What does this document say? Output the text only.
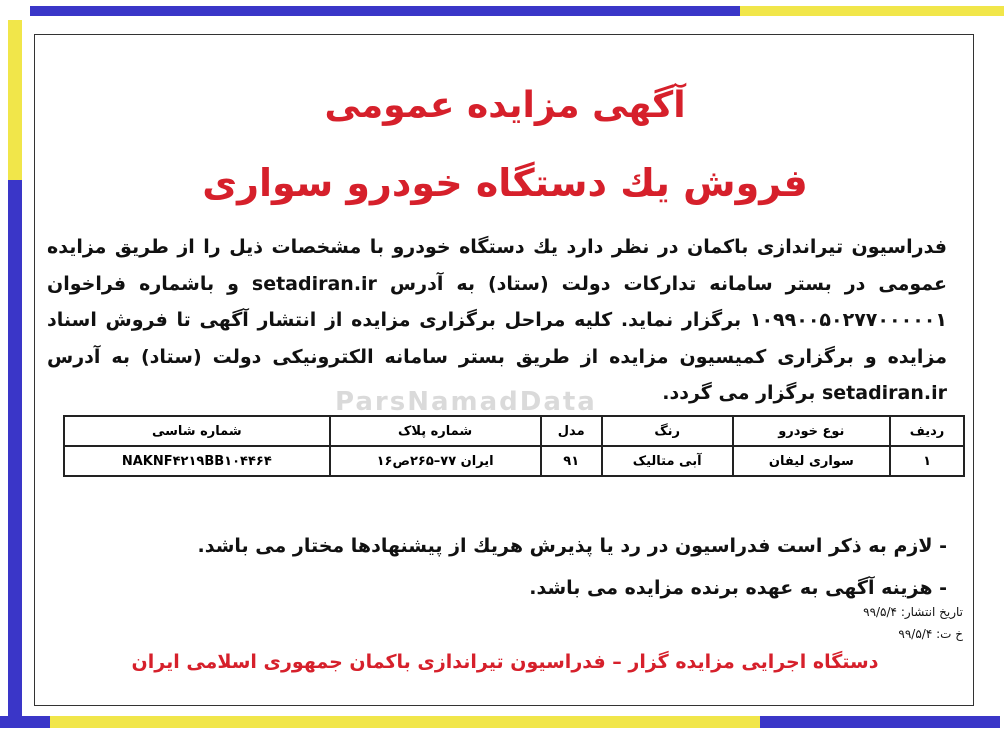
ParsNamadData
آگهی مزایده عمومی
فروش یك دستگاه خودرو سواری
فدراسیون تیراندازی باکمان در نظر دارد یك دستگاه خودرو با مشخصات ذیل را از طریق مزایده عمومی در بستر سامانه تدارکات دولت (ستاد) به آدرس setadiran.ir و باشماره فراخوان ۱۰۹۹۰۰۵۰۲۷۷۰۰۰۰۰۱ برگزار نماید. کلیه مراحل برگزاری مزایده از انتشار آگهی تا فروش اسناد مزایده و برگزاری کمیسیون مزایده از طریق بستر سامانه الکترونیکی دولت (ستاد) به آدرس setadiran.ir برگزار می گردد.
ردیف	نوع خودرو	رنگ	مدل	شماره پلاک	شماره شاسی
۱	سواری لیفان	آبی متالیک	۹۱	ایران ۷۷–۲۶۵ص۱۶	NAKNF۴۲۱۹BB۱۰۴۴۶۴
- لازم به ذکر است فدراسیون در رد یا پذیرش هریك از پیشنهادها مختار می باشد.
- هزینه آگهی به عهده برنده مزایده می باشد.
تاریخ انتشار: ۹۹/۵/۴
خ ت: ۹۹/۵/۴
دستگاه اجرایی مزایده گزار – فدراسیون تیراندازی باکمان جمهوری اسلامی ایران
